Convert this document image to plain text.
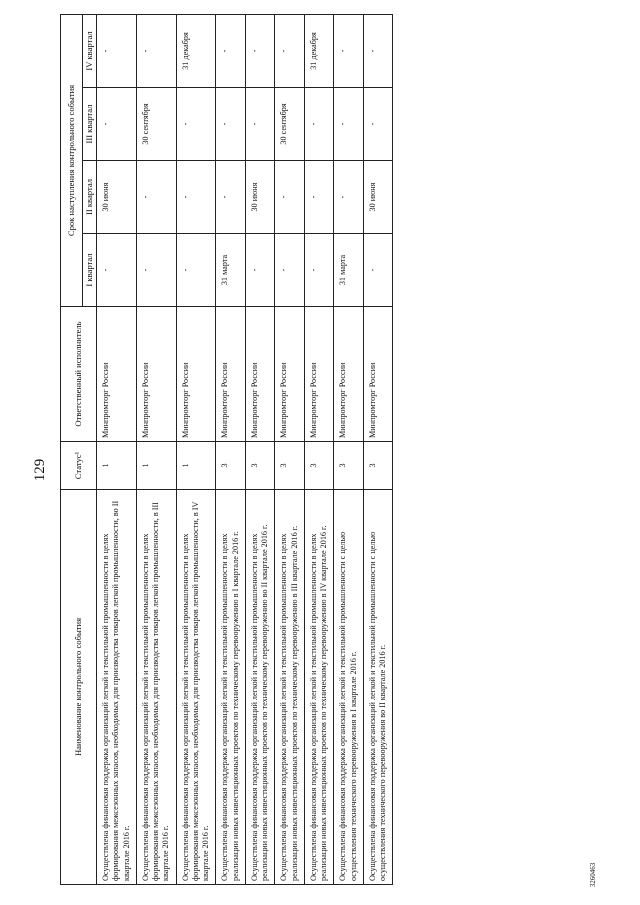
129
3260463
Наименование контрольного события	Статус¹	Ответственный исполнитель	Срок наступления контрольного события			
			I квартал	II квартал	III квартал	IV квартал
Осуществлена финансовая поддержка организаций легкой и текстильной промышленности в целях формирования межсезонных запасов, необходимых для производства товаров легкой промышленности, во II квартале 2016 г.	1	Минпромторг России	-	30 июня	-	-
Осуществлена финансовая поддержка организаций легкой и текстильной промышленности в целях формирования межсезонных запасов, необходимых для производства товаров легкой промышленности, в III квартале 2016 г.	1	Минпромторг России	-	-	30 сентября	-
Осуществлена финансовая поддержка организаций легкой и текстильной промышленности в целях формирования межсезонных запасов, необходимых для производства товаров легкой промышленности, в IV квартале 2016 г.	1	Минпромторг России	-	-	-	31 декабря
Осуществлена финансовая поддержка организаций легкой и текстильной промышленности в целях реализации новых инвестиционных проектов по техническому перевооружению в I квартале 2016 г.	3	Минпромторг России	31 марта	-	-	-
Осуществлена финансовая поддержка организаций легкой и текстильной промышленности в целях реализации новых инвестиционных проектов по техническому перевооружению во II квартале 2016 г.	3	Минпромторг России	-	30 июня	-	-
Осуществлена финансовая поддержка организаций легкой и текстильной промышленности в целях реализации новых инвестиционных проектов по техническому перевооружению в III квартале 2016 г.	3	Минпромторг России	-	-	30 сентября	-
Осуществлена финансовая поддержка организаций легкой и текстильной промышленности в целях реализации новых инвестиционных проектов по техническому перевооружению в IV квартале 2016 г.	3	Минпромторг России	-	-	-	31 декабря
Осуществлена финансовая поддержка организаций легкой и текстильной промышленности с целью осуществления технического перевооружения в I квартале 2016 г.	3	Минпромторг России	31 марта	-	-	-
Осуществлена финансовая поддержка организаций легкой и текстильной промышленности с целью осуществления технического перевооружения во II квартале 2016 г.	3	Минпромторг России	-	30 июня	-	-
